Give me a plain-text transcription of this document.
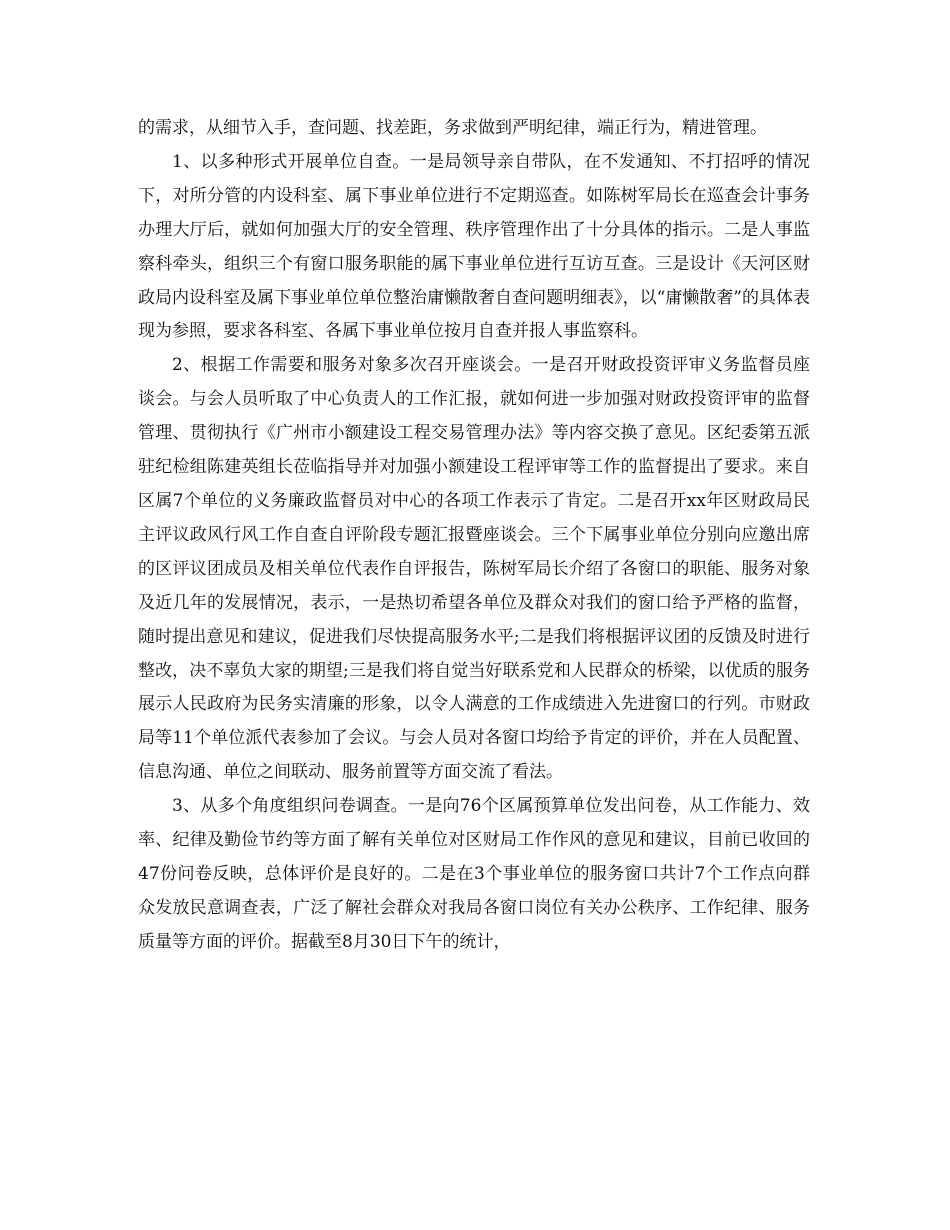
的需求，从细节入手，查问题、找差距，务求做到严明纪律，端正行为，精进管理。

1、以多种形式开展单位自查。一是局领导亲自带队，在不发通知、不打招呼的情况下，对所分管的内设科室、属下事业单位进行不定期巡查。如陈树军局长在巡查会计事务办理大厅后，就如何加强大厅的安全管理、秩序管理作出了十分具体的指示。二是人事监察科牵头，组织三个有窗口服务职能的属下事业单位进行互访互查。三是设计《天河区财政局内设科室及属下事业单位单位整治庸懒散奢自查问题明细表》，以“庸懒散奢”的具体表现为参照，要求各科室、各属下事业单位按月自查并报人事监察科。

2、根据工作需要和服务对象多次召开座谈会。一是召开财政投资评审义务监督员座谈会。与会人员听取了中心负责人的工作汇报，就如何进一步加强对财政投资评审的监督管理、贯彻执行《广州市小额建设工程交易管理办法》等内容交换了意见。区纪委第五派驻纪检组陈建英组长莅临指导并对加强小额建设工程评审等工作的监督提出了要求。来自区属7个单位的义务廉政监督员对中心的各项工作表示了肯定。二是召开xx年区财政局民主评议政风行风工作自查自评阶段专题汇报暨座谈会。三个下属事业单位分别向应邀出席的区评议团成员及相关单位代表作自评报告，陈树军局长介绍了各窗口的职能、服务对象及近几年的发展情况，表示，一是热切希望各单位及群众对我们的窗口给予严格的监督，随时提出意见和建议，促进我们尽快提高服务水平;二是我们将根据评议团的反馈及时进行整改，决不辜负大家的期望;三是我们将自觉当好联系党和人民群众的桥梁，以优质的服务展示人民政府为民务实清廉的形象，以令人满意的工作成绩进入先进窗口的行列。市财政局等11个单位派代表参加了会议。与会人员对各窗口均给予肯定的评价，并在人员配置、信息沟通、单位之间联动、服务前置等方面交流了看法。

3、从多个角度组织问卷调查。一是向76个区属预算单位发出问卷，从工作能力、效率、纪律及勤俭节约等方面了解有关单位对区财局工作作风的意见和建议，目前已收回的47份问卷反映，总体评价是良好的。二是在3个事业单位的服务窗口共计7个工作点向群众发放民意调查表，广泛了解社会群众对我局各窗口岗位有关办公秩序、工作纪律、服务质量等方面的评价。据截至8月30日下午的统计，
